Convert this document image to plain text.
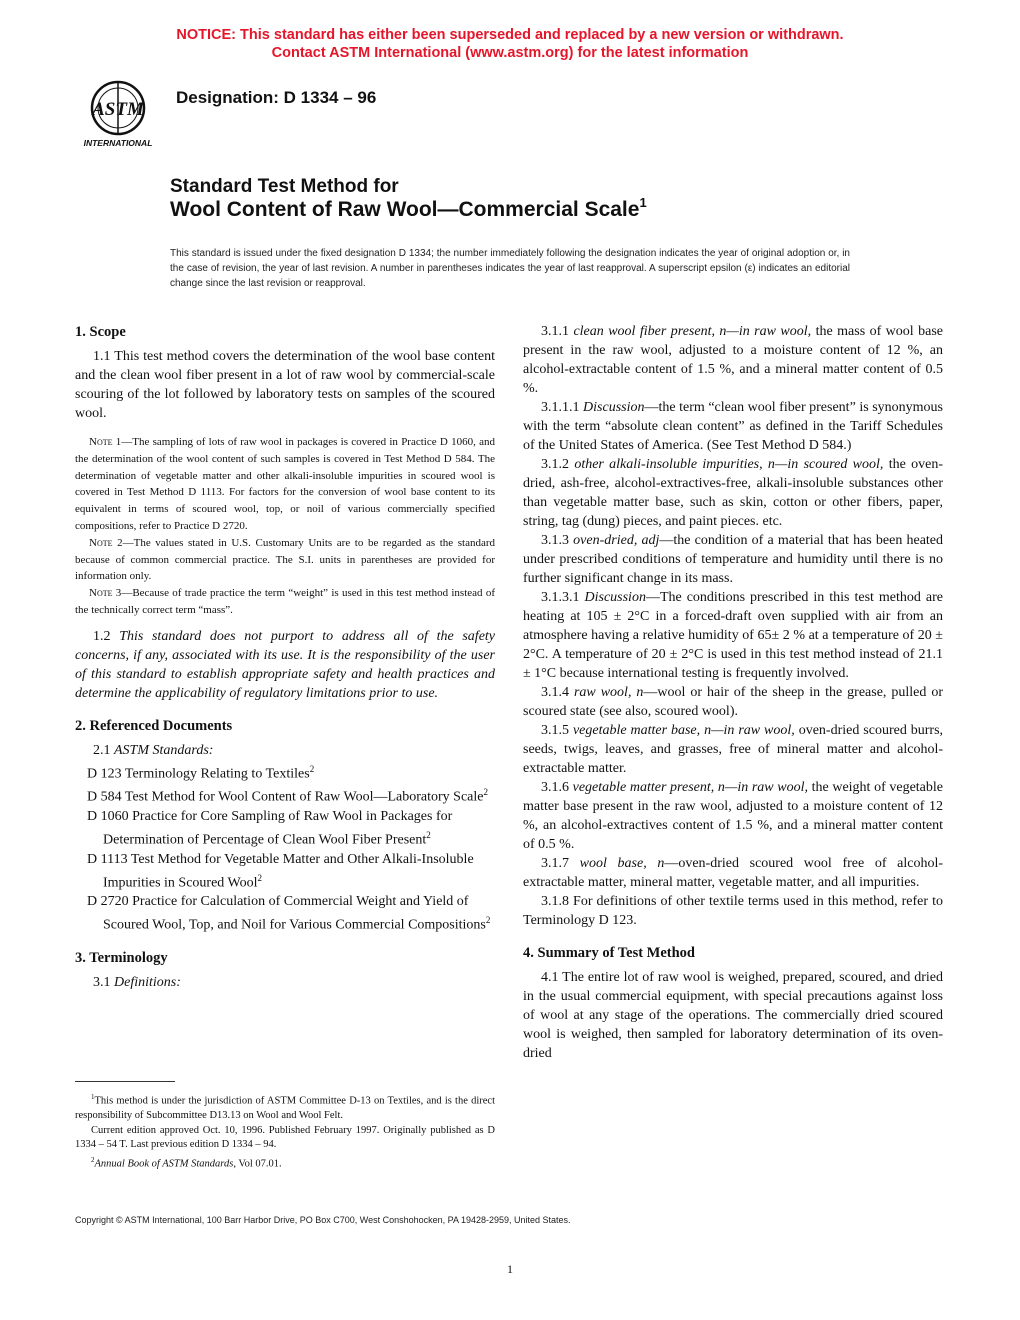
NOTICE: This standard has either been superseded and replaced by a new version or withdrawn.
Contact ASTM International (www.astm.org) for the latest information
ASTM
INTERNATIONAL
Designation: D 1334 – 96
Standard Test Method for
Wool Content of Raw Wool—Commercial Scale$^1$
This standard is issued under the fixed designation D 1334; the number immediately following the designation indicates the year of original adoption or, in the case of revision, the year of last revision. A number in parentheses indicates the year of last reapproval. A superscript epsilon (ε) indicates an editorial change since the last revision or reapproval.
1. Scope

1.1 This test method covers the determination of the wool base content and the clean wool fiber present in a lot of raw wool by commercial-scale scouring of the lot followed by laboratory tests on samples of the scoured wool.

Note 1—The sampling of lots of raw wool in packages is covered in Practice D 1060, and the determination of the wool content of such samples is covered in Test Method D 584. The determination of vegetable matter and other alkali-insoluble impurities in scoured wool is covered in Test Method D 1113. For factors for the conversion of wool base content to its equivalent in terms of scoured wool, top, or noil of various commercially specified compositions, refer to Practice D 2720.

Note 2—The values stated in U.S. Customary Units are to be regarded as the standard because of common commercial practice. The S.I. units in parentheses are provided for information only.

Note 3—Because of trade practice the term “weight” is used in this test method instead of the technically correct term “mass”.

1.2 This standard does not purport to address all of the safety concerns, if any, associated with its use. It is the responsibility of the user of this standard to establish appropriate safety and health practices and determine the applicability of regulatory limitations prior to use.

2. Referenced Documents

2.1 ASTM Standards:

D 123 Terminology Relating to Textiles$^2$

D 584 Test Method for Wool Content of Raw Wool—Laboratory Scale$^2$

D 1060 Practice for Core Sampling of Raw Wool in Packages for Determination of Percentage of Clean Wool Fiber Present$^2$

D 1113 Test Method for Vegetable Matter and Other Alkali-Insoluble Impurities in Scoured Wool$^2$

D 2720 Practice for Calculation of Commercial Weight and Yield of Scoured Wool, Top, and Noil for Various Commercial Compositions$^2$

3. Terminology

3.1 Definitions:

3.1.1 clean wool fiber present, n—in raw wool, the mass of wool base present in the raw wool, adjusted to a moisture content of 12 %, an alcohol-extractable content of 1.5 %, and a mineral matter content of 0.5 %.

3.1.1.1 Discussion—the term “clean wool fiber present” is synonymous with the term “absolute clean content” as defined in the Tariff Schedules of the United States of America. (See Test Method D 584.)

3.1.2 other alkali-insoluble impurities, n—in scoured wool, the oven-dried, ash-free, alcohol-extractives-free, alkali-insoluble substances other than vegetable matter base, such as skin, cotton or other fibers, paper, string, tag (dung) pieces, and paint pieces. etc.

3.1.3 oven-dried, adj—the condition of a material that has been heated under prescribed conditions of temperature and humidity until there is no further significant change in its mass.

3.1.3.1 Discussion—The conditions prescribed in this test method are heating at 105 ± 2°C in a forced-draft oven supplied with air from an atmosphere having a relative humidity of 65± 2 % at a temperature of 20 ± 2°C. A temperature of 20 ± 2°C is used in this test method instead of 21.1 ± 1°C because international testing is frequently involved.

3.1.4 raw wool, n—wool or hair of the sheep in the grease, pulled or scoured state (see also, scoured wool).

3.1.5 vegetable matter base, n—in raw wool, oven-dried scoured burrs, seeds, twigs, leaves, and grasses, free of mineral matter and alcohol-extractable matter.

3.1.6 vegetable matter present, n—in raw wool, the weight of vegetable matter base present in the raw wool, adjusted to a moisture content of 12 %, an alcohol-extractives content of 1.5 %, and a mineral matter content of 0.5 %.

3.1.7 wool base, n—oven-dried scoured wool free of alcohol-extractable matter, mineral matter, vegetable matter, and all impurities.

3.1.8 For definitions of other textile terms used in this method, refer to Terminology D 123.

4. Summary of Test Method

4.1 The entire lot of raw wool is weighed, prepared, scoured, and dried in the usual commercial equipment, with special precautions against loss of wool at any stage of the operations. The commercially dried scoured wool is weighed, then sampled for laboratory determination of its oven-dried

$^1$This method is under the jurisdiction of ASTM Committee D-13 on Textiles, and is the direct responsibility of Subcommittee D13.13 on Wool and Wool Felt.

Current edition approved Oct. 10, 1996. Published February 1997. Originally published as D 1334 – 54 T. Last previous edition D 1334 – 94.

$^2$Annual Book of ASTM Standards, Vol 07.01.

Copyright © ASTM International, 100 Barr Harbor Drive, PO Box C700, West Conshohocken, PA 19428-2959, United States.
1
